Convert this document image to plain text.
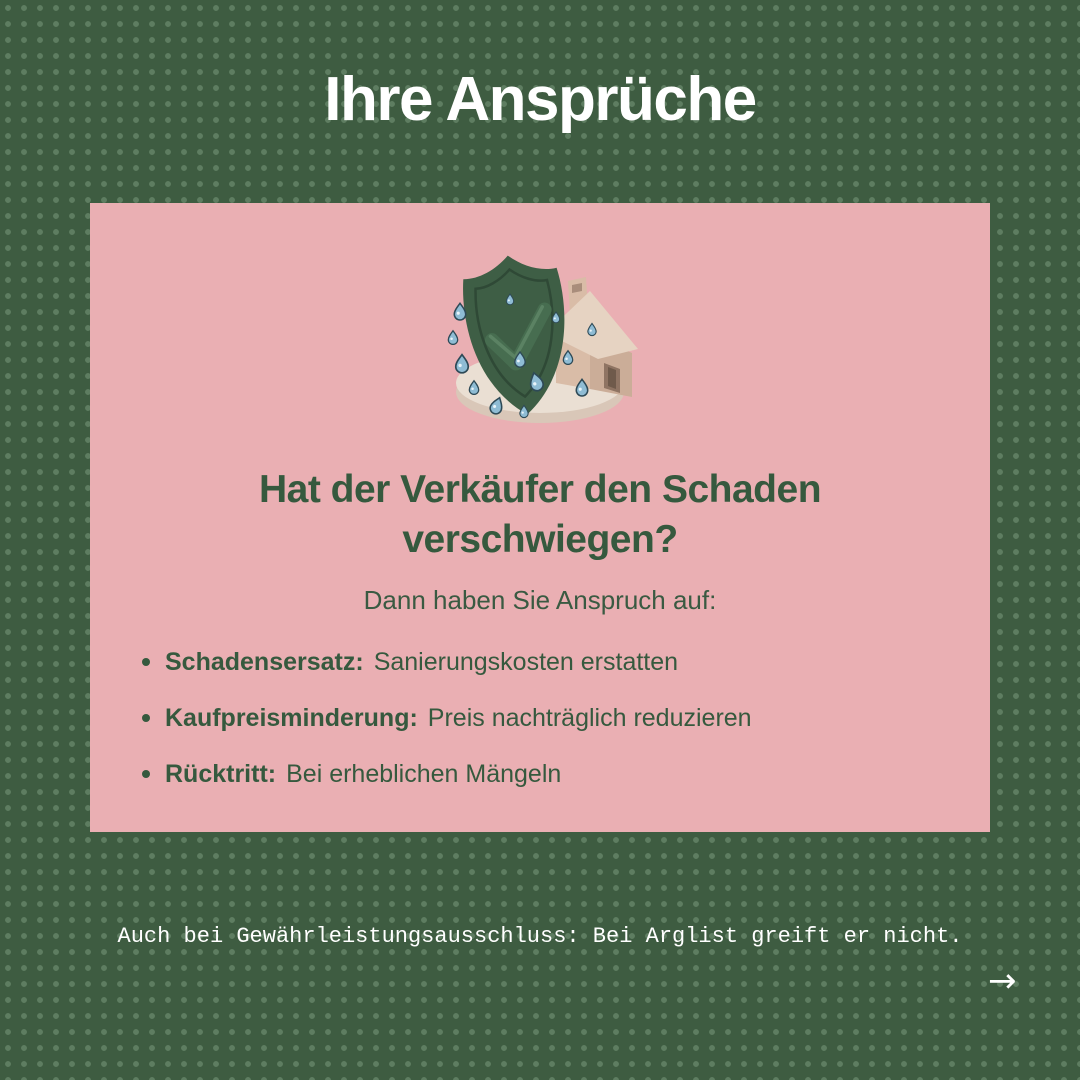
Ihre Ansprüche
Hat der Verkäufer den Schaden verschwiegen?

Dann haben Sie Anspruch auf:

Schadensersatz: Sanierungskosten erstatten
Kaufpreisminderung: Preis nachträglich reduzieren
Rücktritt: Bei erheblichen Mängeln

Auch bei Gewährleistungsausschluss: Bei Arglist greift er nicht.

→
